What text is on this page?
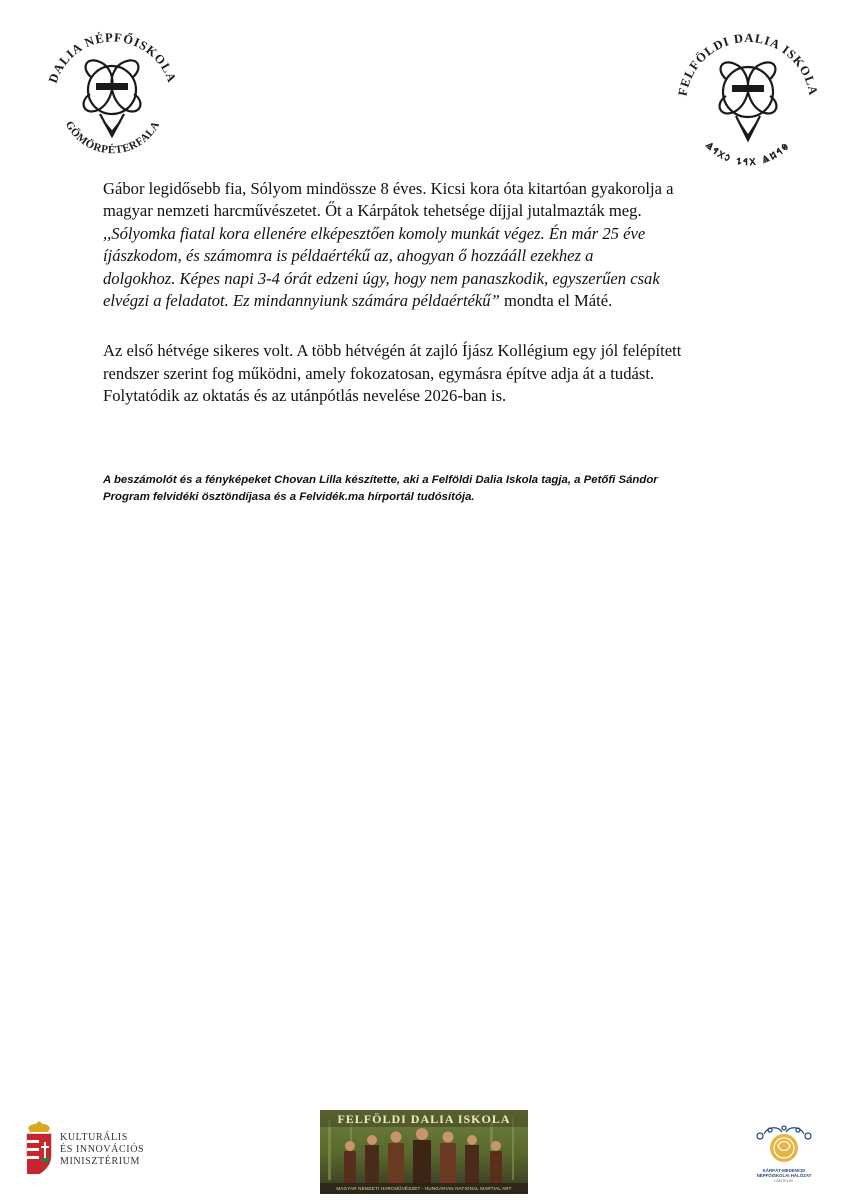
DALIA NÉPFŐISKOLA
GÖMÖRPÉTERFALA
FELFÖLDI DALIA ISKOLA
𐳌𐳀𐳆𐳖 𐳂𐳀𐳔 𐳛𐳂𐳀𐳖

Gábor legidősebb fia, Sólyom mindössze 8 éves. Kicsi kora óta kitartóan gyakorolja a
magyar nemzeti harcművészetet. Őt a Kárpátok tehetsége díjjal jutalmazták meg.
,,Sólyomka fiatal kora ellenére elképesztően komoly munkát végez. Én már 25 éve
íjászkodom, és számomra is példaértékű az, ahogyan ő hozzááll ezekhez a
dolgokhoz. Képes napi 3-4 órát edzeni úgy, hogy nem panaszkodik, egyszerűen csak
elvégzi a feladatot. Ez mindannyiunk számára példaértékű” mondta el Máté.

Az első hétvége sikeres volt. A több hétvégén át zajló Íjász Kollégium egy jól felépített
rendszer szerint fog működni, amely fokozatosan, egymásra építve adja át a tudást.
Folytatódik az oktatás és az utánpótlás nevelése 2026-ban is.

A beszámolót és a fényképeket Chovan Lilla készítette, aki a Felföldi Dalia Iskola tagja, a Petőfi Sándor
Program felvidéki ösztöndíjasa és a Felvidék.ma hírportál tudósítója.

KULTURÁLIS
ÉS INNOVÁCIÓS
MINISZTÉRIUM
FELFÖLDI DALIA ISKOLA
MAGYAR NEMZETI HARCMŰVÉSZET - HUNGARIAN NATIONAL MARTIAL ART
KÁRPÁT-MEDENCEI
NÉPFŐISKOLAI HÁLÓZAT
LAKITELEK
